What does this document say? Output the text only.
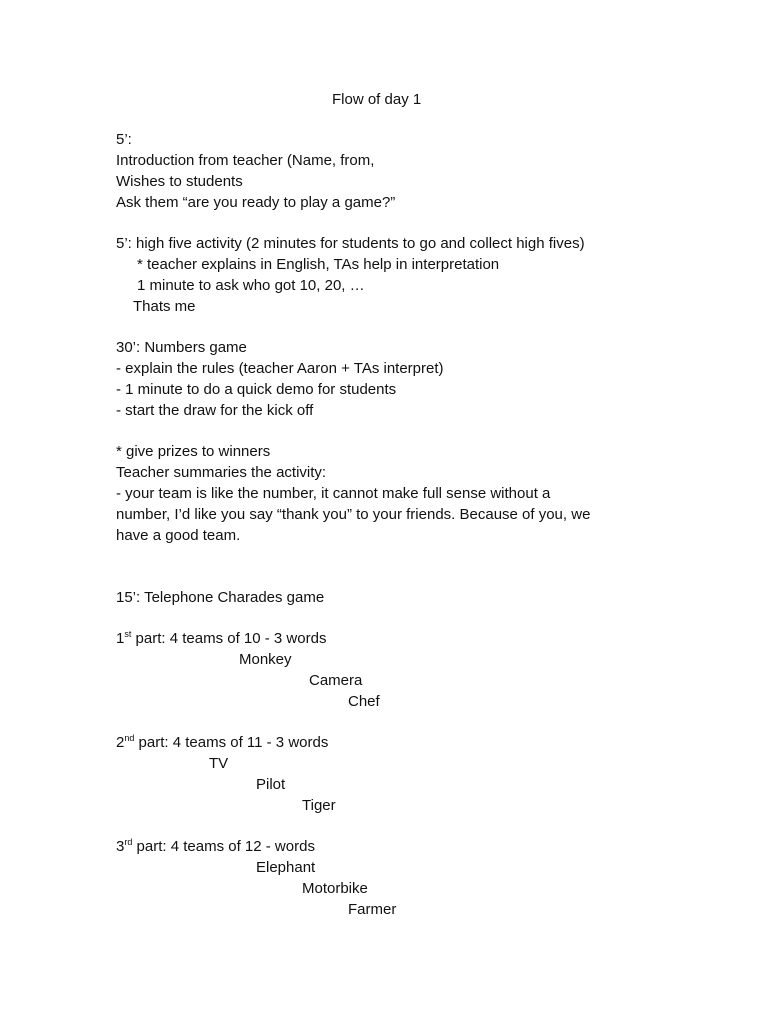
Flow of day 1
5’:
Introduction from teacher (Name, from,
Wishes to students
Ask them “are you ready to play a game?”
5’: high five activity (2 minutes for students to go and collect high fives)
* teacher explains in English, TAs help in interpretation
1 minute to ask who got 10, 20, …
Thats me
30’: Numbers game
- explain the rules (teacher Aaron + TAs interpret)
- 1 minute to do a quick demo for students
- start the draw for the kick off
* give prizes to winners
Teacher summaries the activity:
- your team is like the number, it cannot make full sense without a
number, I’d like you say “thank you” to your friends. Because of you, we
have a good team.
15’: Telephone Charades game
1st part: 4 teams of 10 - 3 words
Monkey
Camera
Chef
2nd part: 4 teams of 11 - 3 words
TV
Pilot
Tiger
3rd part: 4 teams of 12 - words
Elephant
Motorbike
Farmer
